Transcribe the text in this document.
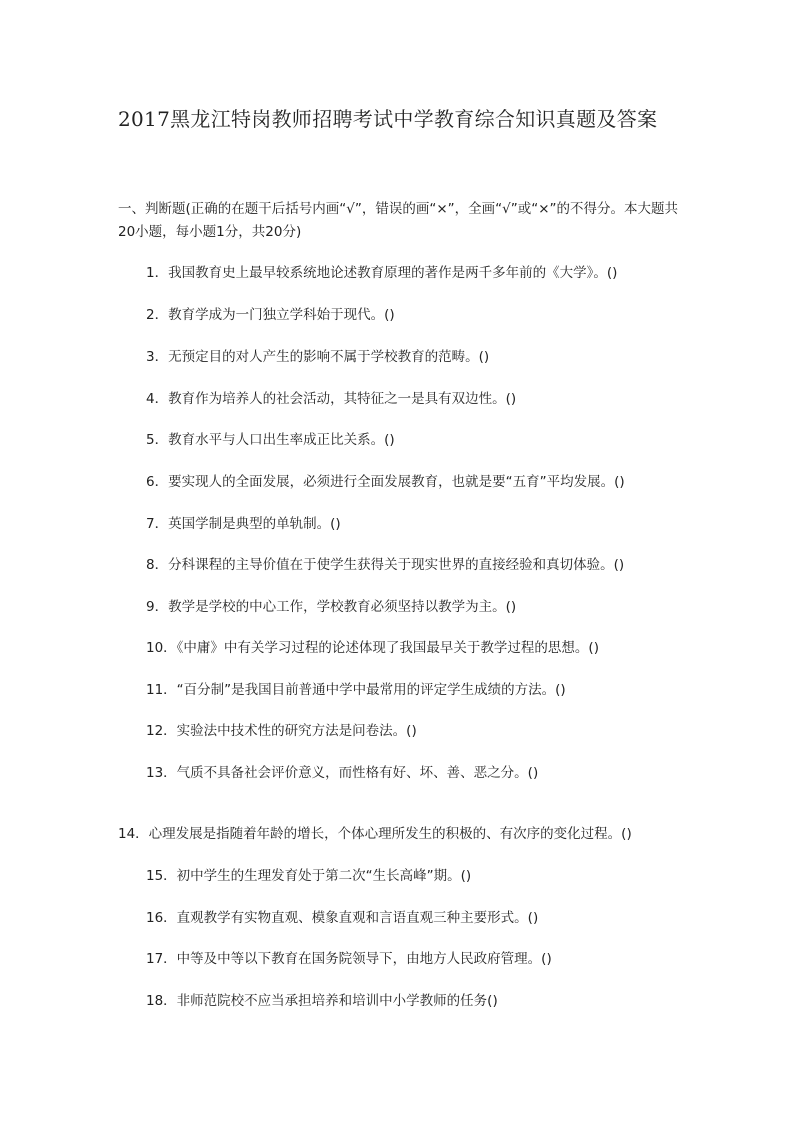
2017黑龙江特岗教师招聘考试中学教育综合知识真题及答案

一、判断题(正确的在题干后括号内画“√”，错误的画“×”，全画“√”或“×”的不得分。本大题共20小题，每小题1分，共20分)

1．我国教育史上最早较系统地论述教育原理的著作是两千多年前的《大学》。()

2．教育学成为一门独立学科始于现代。()

3．无预定目的对人产生的影响不属于学校教育的范畴。()

4．教育作为培养人的社会活动，其特征之一是具有双边性。()

5．教育水平与人口出生率成正比关系。()

6．要实现人的全面发展，必须进行全面发展教育，也就是要“五育”平均发展。()

7．英国学制是典型的单轨制。()

8．分科课程的主导价值在于使学生获得关于现实世界的直接经验和真切体验。()

9．教学是学校的中心工作，学校教育必须坚持以教学为主。()

10．《中庸》中有关学习过程的论述体现了我国最早关于教学过程的思想。()

11．“百分制”是我国目前普通中学中最常用的评定学生成绩的方法。()

12．实验法中技术性的研究方法是问卷法。()

13．气质不具备社会评价意义，而性格有好、坏、善、恶之分。()

14．心理发展是指随着年龄的增长，个体心理所发生的积极的、有次序的变化过程。()

15．初中学生的生理发育处于第二次“生长高峰”期。()

16．直观教学有实物直观、模象直观和言语直观三种主要形式。()

17．中等及中等以下教育在国务院领导下，由地方人民政府管理。()

18．非师范院校不应当承担培养和培训中小学教师的任务()
